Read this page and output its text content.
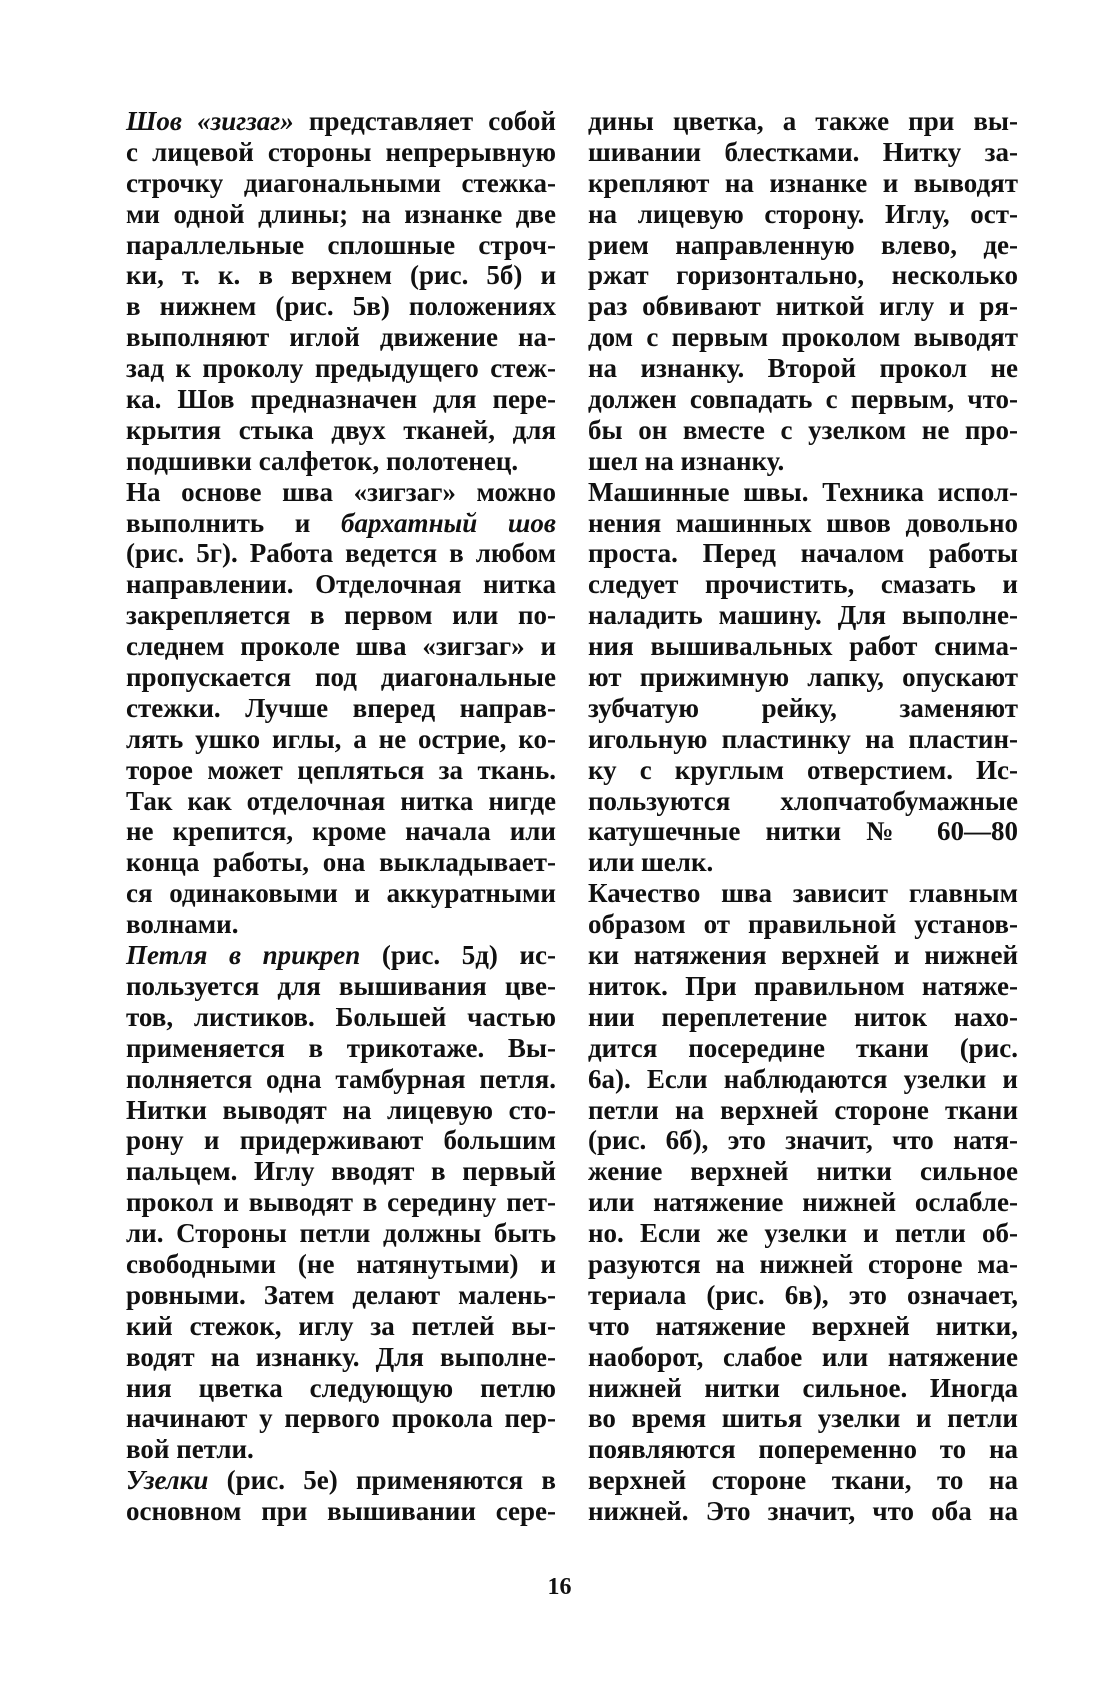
Шов «зигзаг» представляет собой
с лицевой стороны непрерывную
строчку диагональными стежка-
ми одной длины; на изнанке две
параллельные сплошные строч-
ки, т. к. в верхнем (рис. 5б) и
в нижнем (рис. 5в) положениях
выполняют иглой движение на-
зад к проколу предыдущего стеж-
ка. Шов предназначен для пере-
крытия стыка двух тканей, для
подшивки салфеток, полотенец.
На основе шва «зигзаг» можно
выполнить и бархатный шов
(рис. 5г). Работа ведется в любом
направлении. Отделочная нитка
закрепляется в первом или по-
следнем проколе шва «зигзаг» и
пропускается под диагональные
стежки. Лучше вперед направ-
лять ушко иглы, а не острие, ко-
торое может цепляться за ткань.
Так как отделочная нитка нигде
не крепится, кроме начала или
конца работы, она выкладывает-
ся одинаковыми и аккуратными
волнами.
Петля в прикреп (рис. 5д) ис-
пользуется для вышивания цве-
тов, листиков. Большей частью
применяется в трикотаже. Вы-
полняется одна тамбурная петля.
Нитки выводят на лицевую сто-
рону и придерживают большим
пальцем. Иглу вводят в первый
прокол и выводят в середину пет-
ли. Стороны петли должны быть
свободными (не натянутыми) и
ровными. Затем делают малень-
кий стежок, иглу за петлей вы-
водят на изнанку. Для выполне-
ния цветка следующую петлю
начинают у первого прокола пер-
вой петли.
Узелки (рис. 5е) применяются в
основном при вышивании сере-
дины цветка, а также при вы-
шивании блестками. Нитку за-
крепляют на изнанке и выводят
на лицевую сторону. Иглу, ост-
рием направленную влево, де-
ржат горизонтально, несколько
раз обвивают ниткой иглу и ря-
дом с первым проколом выводят
на изнанку. Второй прокол не
должен совпадать с первым, что-
бы он вместе с узелком не про-
шел на изнанку.
Машинные швы. Техника испол-
нения машинных швов довольно
проста. Перед началом работы
следует прочистить, смазать и
наладить машину. Для выполне-
ния вышивальных работ снима-
ют прижимную лапку, опускают
зубчатую рейку, заменяют
игольную пластинку на пластин-
ку с круглым отверстием. Ис-
пользуются хлопчатобумажные
катушечные нитки № 60—80
или шелк.
Качество шва зависит главным
образом от правильной установ-
ки натяжения верхней и нижней
ниток. При правильном натяже-
нии переплетение ниток нахо-
дится посередине ткани (рис.
6а). Если наблюдаются узелки и
петли на верхней стороне ткани
(рис. 6б), это значит, что натя-
жение верхней нитки сильное
или натяжение нижней ослабле-
но. Если же узелки и петли об-
разуются на нижней стороне ма-
териала (рис. 6в), это означает,
что натяжение верхней нитки,
наоборот, слабое или натяжение
нижней нитки сильное. Иногда
во время шитья узелки и петли
появляются попеременно то на
верхней стороне ткани, то на
нижней. Это значит, что оба на
16
